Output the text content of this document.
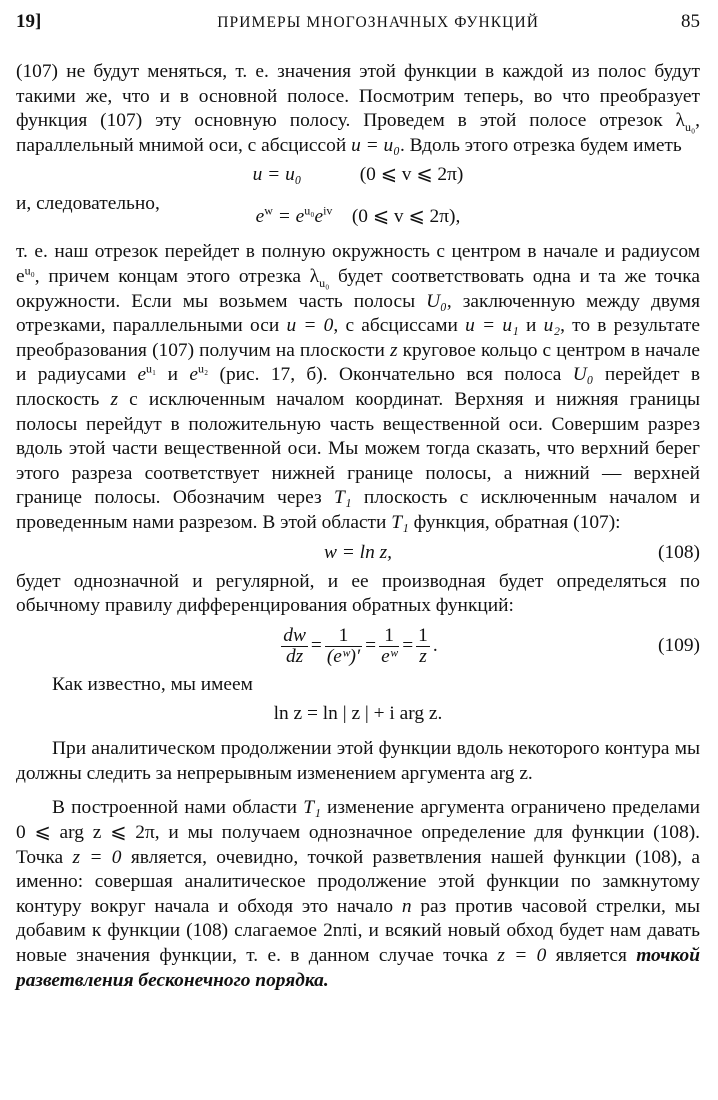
19]	ПРИМЕРЫ МНОГОЗНАЧНЫХ ФУНКЦИЙ	85

(107) не будут меняться, т. е. значения этой функции в каждой из полос будут такими же, что и в основной полосе. Посмотрим теперь, во что преобразует функция (107) эту основную полосу. Проведем в этой полосе отрезок $\lambda_{u_0}$, параллельный мнимой оси, с абсциссой u = u₀. Вдоль этого отрезка будем иметь

u = u₀   	(0 ⩽ v ⩽ 2π)

и, следовательно,

$e^w = e^{u_0}e^{iv}$  (0 ⩽ v ⩽ 2π),

т. е. наш отрезок перейдет в полную окружность с центром в начале и радиусом $e^{u_0}$, причем концам этого отрезка $\lambda_{u_0}$ будет соответствовать одна и та же точка окружности. Если мы возьмем часть полосы U₀, заключенную между двумя отрезками, параллельными оси u = 0, с абсциссами u = u₁ и u₂, то в результате преобразования (107) получим на плоскости z круговое кольцо с центром в начале и радиусами $e^{u_1}$ и $e^{u_2}$ (рис. 17, б). Окончательно вся полоса U₀ перейдет в плоскость z с исключенным началом координат. Верхняя и нижняя границы полосы перейдут в положительную часть вещественной оси. Совершим разрез вдоль этой части вещественной оси. Мы можем тогда сказать, что верхний берег этого разреза соответствует нижней границе полосы, а нижний — верхней границе полосы. Обозначим через T₁ плоскость с исключенным началом и проведенным нами разрезом. В этой области T₁ функция, обратная (107):

w = ln z,	(108)

будет однозначной и регулярной, и ее производная будет определяться по обычному правилу дифференцирования обратных функций:

$\frac{dw}{dz} = \frac{1}{\text{(eʷ)′}} = \frac{1}{\text{eʷ}} = \frac{1}{z}$ .	(109)

Как известно, мы имеем

ln z = ln | z | + i arg z.

При аналитическом продолжении этой функции вдоль некоторого контура мы должны следить за непрерывным изменением аргумента arg z.

В построенной нами области T₁ изменение аргумента ограничено пределами 0 ⩽ arg z ⩽ 2π, и мы получаем однозначное определение для функции (108). Точка z = 0 является, очевидно, точкой разветвления нашей функции (108), а именно: совершая аналитическое продолжение этой функции по замкнутому контуру вокруг начала и обходя это начало n раз против часовой стрелки, мы добавим к функции (108) слагаемое 2nπi, и всякий новый обход будет нам давать новые значения функции, т. е. в данном случае точка z = 0 является точкой разветвления бесконечного порядка.
